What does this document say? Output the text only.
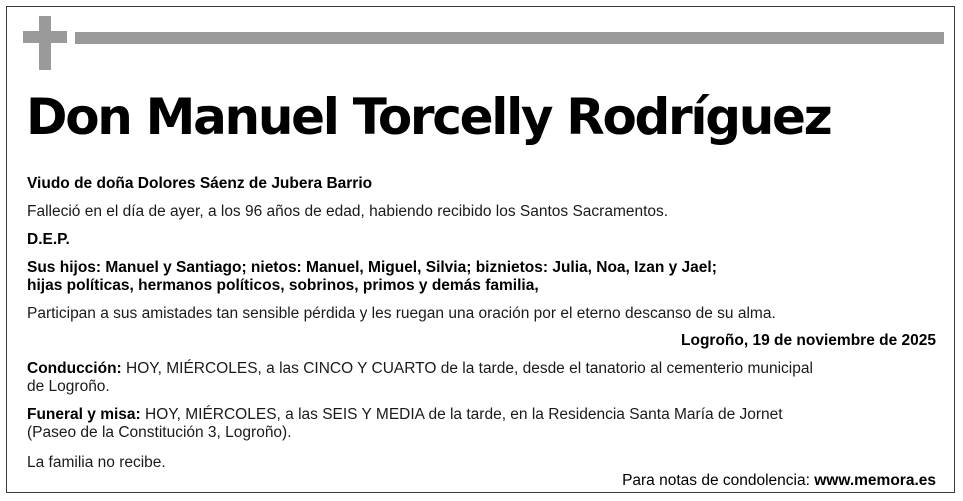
Don Manuel Torcelly Rodríguez

Viudo de doña Dolores Sáenz de Jubera Barrio

Falleció en el día de ayer, a los 96 años de edad, habiendo recibido los Santos Sacramentos.

D.E.P.

Sus hijos: Manuel y Santiago; nietos: Manuel, Miguel, Silvia; biznietos: Julia, Noa, Izan y Jael;

hijas políticas, hermanos políticos, sobrinos, primos y demás familia,

Participan a sus amistades tan sensible pérdida y les ruegan una oración por el eterno descanso de su alma.

Logroño, 19 de noviembre de 2025

Conducción: HOY, MIÉRCOLES, a las CINCO Y CUARTO de la tarde, desde el tanatorio al cementerio municipal

de Logroño.

Funeral y misa: HOY, MIÉRCOLES, a las SEIS Y MEDIA de la tarde, en la Residencia Santa María de Jornet

(Paseo de la Constitución 3, Logroño).

La familia no recibe.

Para notas de condolencia: www.memora.es
